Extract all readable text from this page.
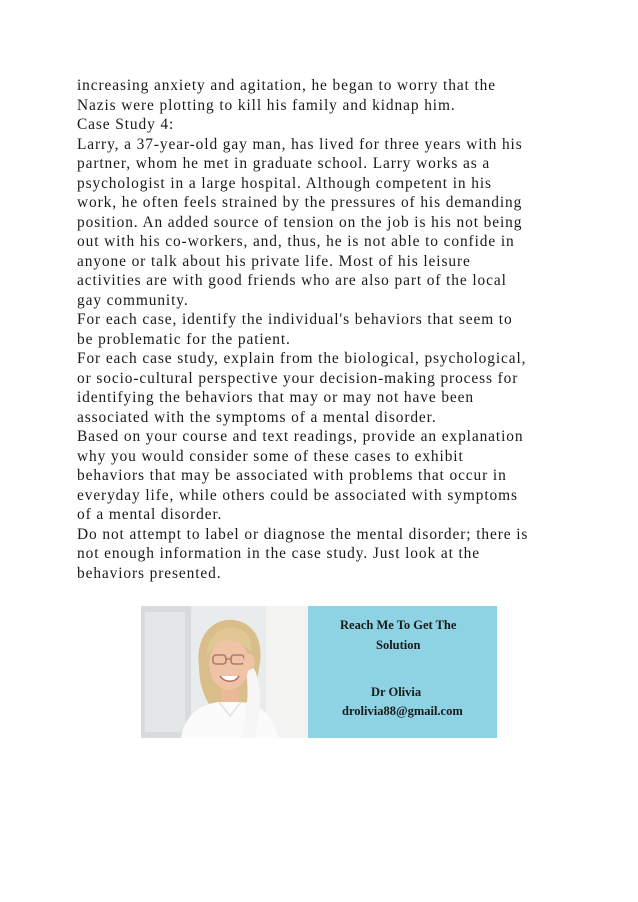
increasing anxiety and agitation, he began to worry that the
Nazis were plotting to kill his family and kidnap him.
Case Study 4:
Larry, a 37-year-old gay man, has lived for three years with his
partner, whom he met in graduate school. Larry works as a
psychologist in a large hospital. Although competent in his
work, he often feels strained by the pressures of his demanding
position. An added source of tension on the job is his not being
out with his co-workers, and, thus, he is not able to confide in
anyone or talk about his private life. Most of his leisure
activities are with good friends who are also part of the local
gay community.
For each case, identify the individual's behaviors that seem to
be problematic for the patient.
For each case study, explain from the biological, psychological,
or socio-cultural perspective your decision-making process for
identifying the behaviors that may or may not have been
associated with the symptoms of a mental disorder.
Based on your course and text readings, provide an explanation
why you would consider some of these cases to exhibit
behaviors that may be associated with problems that occur in
everyday life, while others could be associated with symptoms
of a mental disorder.
Do not attempt to label or diagnose the mental disorder; there is
not enough information in the case study. Just look at the
behaviors presented.
Reach Me To Get The
Solution
Dr Olivia
drolivia88@gmail.com
